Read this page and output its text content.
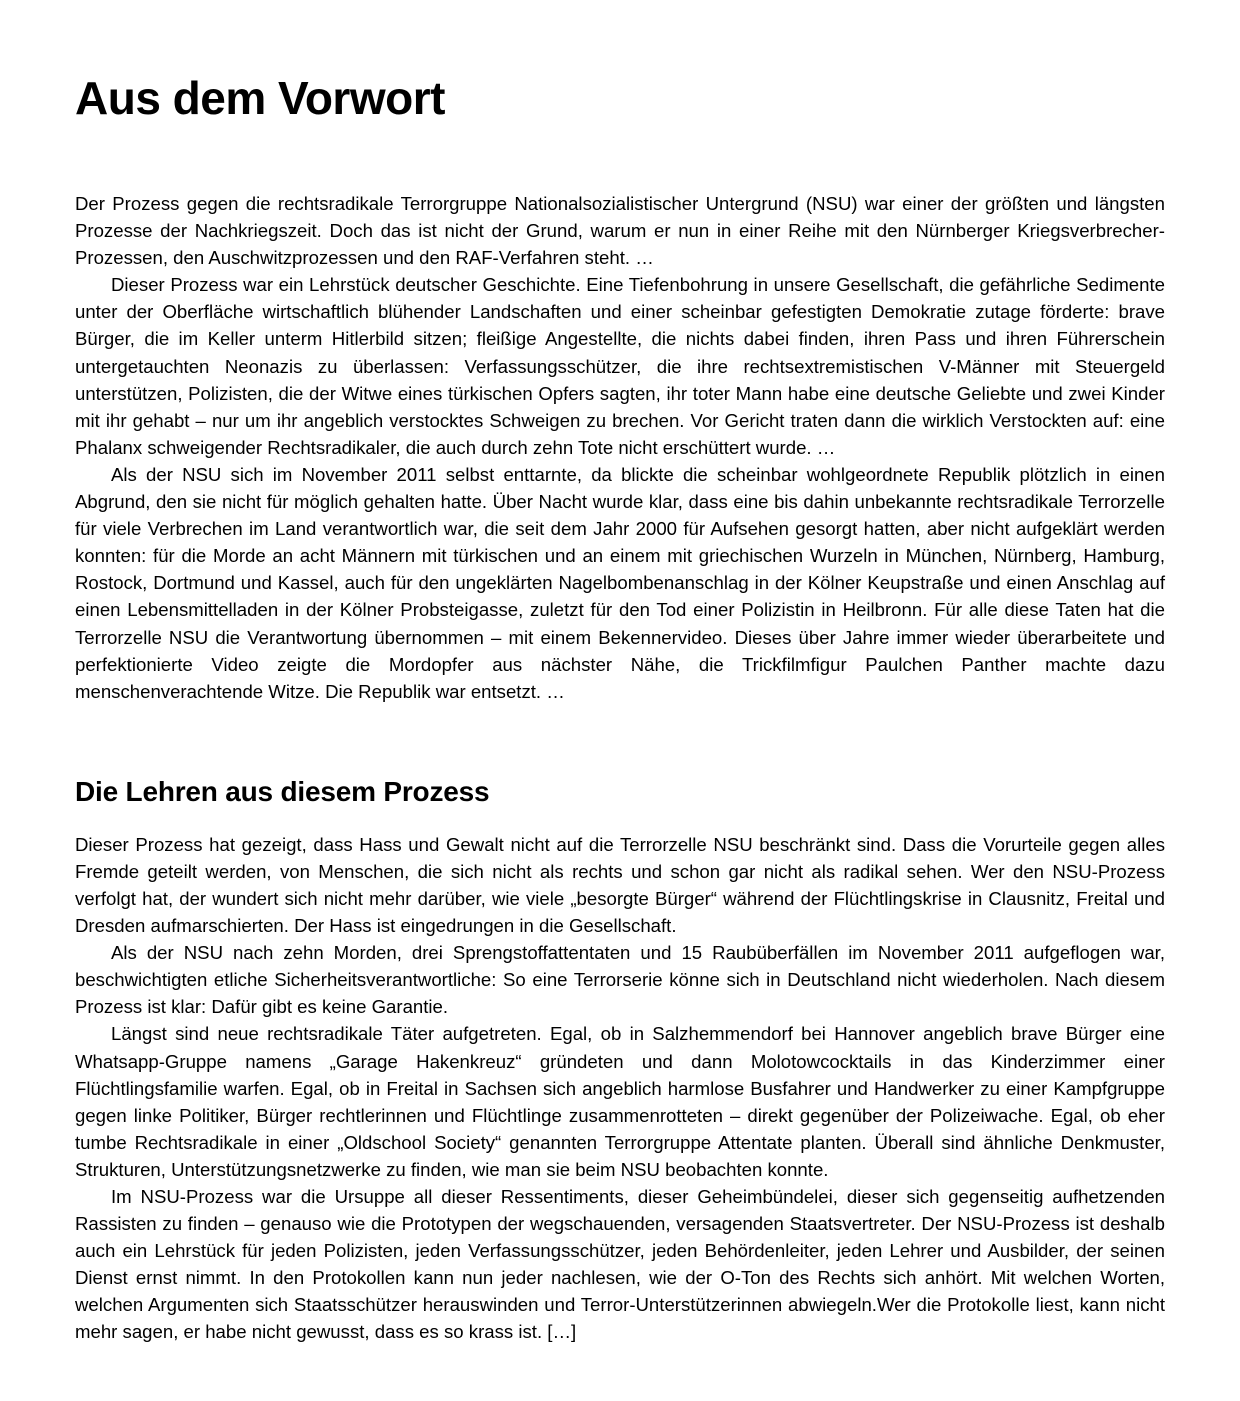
Aus dem Vorwort

Der Prozess gegen die rechtsradikale Terrorgruppe Nationalsozialistischer Untergrund (NSU) war einer der größten und längsten Prozesse der Nachkriegszeit. Doch das ist nicht der Grund, warum er nun in einer Reihe mit den Nürnberger Kriegsverbrecher-Prozessen, den Auschwitzprozessen und den RAF-Verfahren steht. …

Dieser Prozess war ein Lehrstück deutscher Geschichte. Eine Tiefenbohrung in unsere Gesellschaft, die gefährliche Sedimente unter der Oberfläche wirtschaftlich blühender Landschaften und einer scheinbar gefestigten Demokratie zutage förderte: brave Bürger, die im Keller unterm Hitlerbild sitzen; fleißige Angestellte, die nichts dabei finden, ihren Pass und ihren Führerschein untergetauchten Neonazis zu überlassen: Verfassungsschützer, die ihre rechtsextremistischen V-Männer mit Steuergeld unterstützen, Polizisten, die der Witwe eines türkischen Opfers sagten, ihr toter Mann habe eine deutsche Geliebte und zwei Kinder mit ihr gehabt – nur um ihr angeblich verstocktes Schweigen zu brechen. Vor Gericht traten dann die wirklich Verstockten auf: eine Phalanx schweigender Rechtsradikaler, die auch durch zehn Tote nicht erschüttert wurde. …

Als der NSU sich im November 2011 selbst enttarnte, da blickte die scheinbar wohlgeordnete Republik plötzlich in einen Abgrund, den sie nicht für möglich gehalten hatte. Über Nacht wurde klar, dass eine bis dahin unbekannte rechtsradikale Terrorzelle für viele Verbrechen im Land verantwortlich war, die seit dem Jahr 2000 für Aufsehen gesorgt hatten, aber nicht aufgeklärt werden konnten: für die Morde an acht Männern mit türkischen und an einem mit griechischen Wurzeln in München, Nürnberg, Hamburg, Rostock, Dortmund und Kassel, auch für den ungeklärten Nagelbombenanschlag in der Kölner Keupstraße und einen Anschlag auf einen Lebensmittelladen in der Kölner Probsteigasse, zuletzt für den Tod einer Polizistin in Heilbronn. Für alle diese Taten hat die Terrorzelle NSU die Verantwortung übernommen – mit einem Bekennervideo. Dieses über Jahre immer wieder überarbeitete und perfektionierte Video zeigte die Mordopfer aus nächster Nähe, die Trickfilmfigur Paulchen Panther machte dazu menschenverachtende Witze. Die Republik war entsetzt. …

Die Lehren aus diesem Prozess

Dieser Prozess hat gezeigt, dass Hass und Gewalt nicht auf die Terrorzelle NSU beschränkt sind. Dass die Vorurteile gegen alles Fremde geteilt werden, von Menschen, die sich nicht als rechts und schon gar nicht als radikal sehen. Wer den NSU-Prozess verfolgt hat, der wundert sich nicht mehr darüber, wie viele „besorgte Bürger“ während der Flüchtlingskrise in Clausnitz, Freital und Dresden aufmarschierten. Der Hass ist eingedrungen in die Gesellschaft.

Als der NSU nach zehn Morden, drei Sprengstoffattentaten und 15 Raubüberfällen im November 2011 aufgeflogen war, beschwichtigten etliche Sicherheitsverantwortliche: So eine Terrorserie könne sich in Deutschland nicht wiederholen. Nach diesem Prozess ist klar: Dafür gibt es keine Garantie.

Längst sind neue rechtsradikale Täter aufgetreten. Egal, ob in Salzhemmendorf bei Hannover angeblich brave Bürger eine Whatsapp-Gruppe namens „Garage Hakenkreuz“ gründeten und dann Molotowcocktails in das Kinderzimmer einer Flüchtlingsfamilie warfen. Egal, ob in Freital in Sachsen sich angeblich harmlose Busfahrer und Handwerker zu einer Kampfgruppe gegen linke Politiker, Bürger rechtlerinnen und Flüchtlinge zusammenrotteten – direkt gegenüber der Polizeiwache. Egal, ob eher tumbe Rechtsradikale in einer „Oldschool Society“ genannten Terrorgruppe Attentate planten. Überall sind ähnliche Denkmuster, Strukturen, Unterstützungsnetzwerke zu finden, wie man sie beim NSU beobachten konnte.

Im NSU-Prozess war die Ursuppe all dieser Ressentiments, dieser Geheimbündelei, dieser sich gegenseitig aufhetzenden Rassisten zu finden – genauso wie die Prototypen der wegschauenden, versagenden Staatsvertreter. Der NSU-Prozess ist deshalb auch ein Lehrstück für jeden Polizisten, jeden Verfassungsschützer, jeden Behördenleiter, jeden Lehrer und Ausbilder, der seinen Dienst ernst nimmt. In den Protokollen kann nun jeder nachlesen, wie der O-Ton des Rechts sich anhört. Mit welchen Worten, welchen Argumenten sich Staatsschützer herauswinden und Terror-Unterstützerinnen abwiegeln.Wer die Protokolle liest, kann nicht mehr sagen, er habe nicht gewusst, dass es so krass ist. […]
